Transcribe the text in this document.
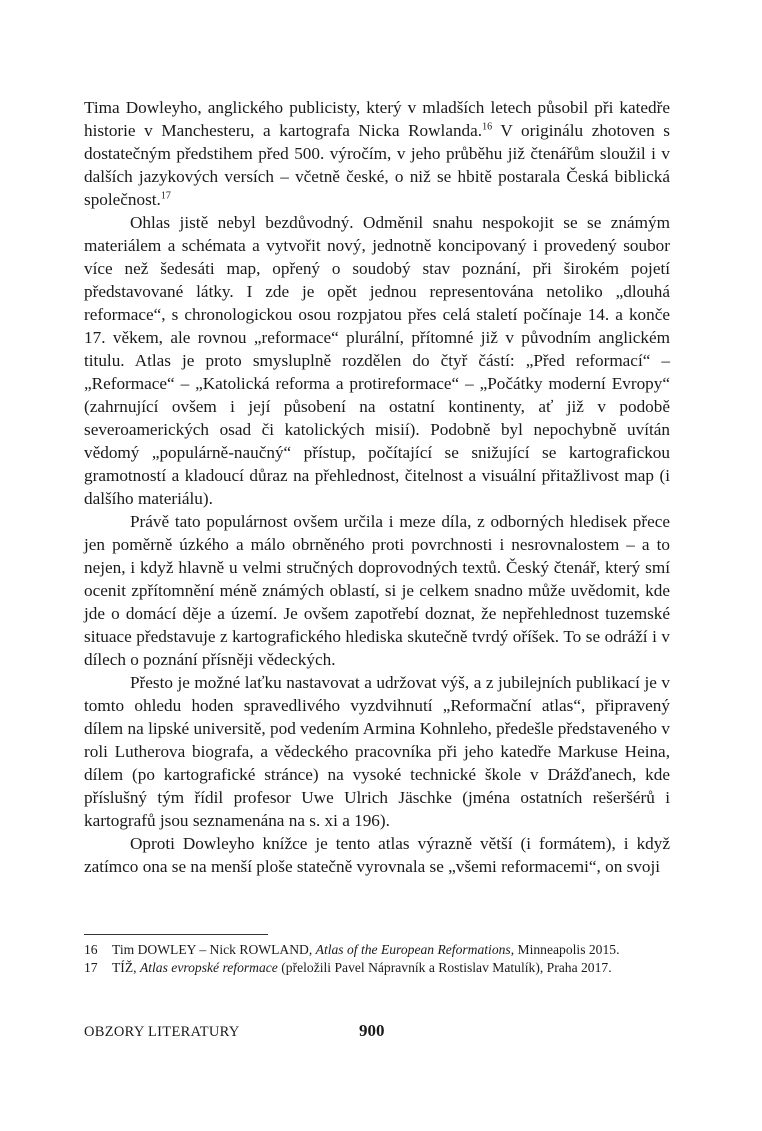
Tima Dowleyho, anglického publicisty, který v mladších letech působil při katedře historie v Manchesteru, a kartografa Nicka Rowlanda.$^{16}$ V originálu zhotoven s dostatečným předstihem před 500. výročím, v jeho průběhu již čtenářům sloužil i v dalších jazykových versích – včetně české, o niž se hbitě postarala Česká biblická společnost.$^{17}$

Ohlas jistě nebyl bezdůvodný. Odměnil snahu nespokojit se se známým materiálem a schémata a vytvořit nový, jednotně koncipovaný i provedený soubor více než šedesáti map, opřený o soudobý stav poznání, při širokém pojetí představované látky. I zde je opět jednou representována netoliko „dlouhá reformace“, s chronologickou osou rozpjatou přes celá staletí počínaje 14. a konče 17. věkem, ale rovnou „reformace“ plurální, přítomné již v původním anglickém titulu. Atlas je proto smysluplně rozdělen do čtyř částí: „Před reformací“ – „Reformace“ – „Katolická reforma a protireformace“ – „Počátky moderní Evropy“ (zahrnující ovšem i její působení na ostatní kontinenty, ať již v podobě severoamerických osad či katolických misií). Podobně byl nepochybně uvítán vědomý „populárně-naučný“ přístup, počítající se snižující se kartografickou gramotností a kladoucí důraz na přehlednost, čitelnost a visuální přitažlivost map (i dalšího materiálu).

Právě tato populárnost ovšem určila i meze díla, z odborných hledisek přece jen poměrně úzkého a málo obrněného proti povrchnosti i nesrovnalostem – a to nejen, i když hlavně u velmi stručných doprovodných textů. Český čtenář, který smí ocenit zpřítomnění méně známých oblastí, si je celkem snadno může uvědomit, kde jde o domácí děje a území. Je ovšem zapotřebí doznat, že nepřehlednost tuzemské situace představuje z kartografického hlediska skutečně tvrdý oříšek. To se odráží i v dílech o poznání přísněji vědeckých.

Přesto je možné laťku nastavovat a udržovat výš, a z jubilejních publikací je v tomto ohledu hoden spravedlivého vyzdvihnutí „Reformační atlas“, připravený dílem na lipské universitě, pod vedením Armina Kohnleho, předešle představeného v roli Lutherova biografa, a vědeckého pracovníka při jeho katedře Markuse Heina, dílem (po kartografické stránce) na vysoké technické škole v Drážďanech, kde příslušný tým řídil profesor Uwe Ulrich Jäschke (jména ostatních rešeršérů i kartografů jsou seznamenána na s. xi a 196).

Oproti Dowleyho knížce je tento atlas výrazně větší (i formátem), i když zatímco ona se na menší ploše statečně vyrovnala se „všemi reformacemi“, on svoji

16 Tim DOWLEY – Nick ROWLAND, Atlas of the European Reformations, Minneapolis 2015.
17 TÍŽ, Atlas evropské reformace (přeložili Pavel Nápravník a Rostislav Matulík), Praha 2017.
OBZORY LITERATURY	900
